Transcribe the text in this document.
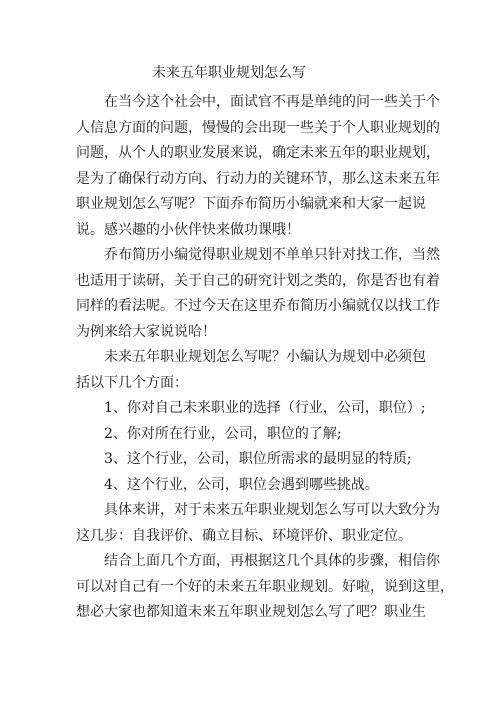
未来五年职业规划怎么写
在当今这个社会中，面试官不再是单纯的问一些关于个
人信息方面的问题，慢慢的会出现一些关于个人职业规划的
问题，从个人的职业发展来说，确定未来五年的职业规划，
是为了确保行动方向、行动力的关键环节，那么这未来五年
职业规划怎么写呢？下面乔布简历小编就来和大家一起说
说。感兴趣的小伙伴快来做功课哦！
乔布简历小编觉得职业规划不单单只针对找工作，当然
也适用于读研，关于自己的研究计划之类的，你是否也有着
同样的看法呢。不过今天在这里乔布简历小编就仅以找工作
为例来给大家说说哈！
未来五年职业规划怎么写呢？小编认为规划中必须包
括以下几个方面：
1、你对自己未来职业的选择（行业，公司，职位）;
2、你对所在行业，公司，职位的了解;
3、这个行业，公司，职位所需求的最明显的特质;
4、这个行业，公司，职位会遇到哪些挑战。
具体来讲，对于未来五年职业规划怎么写可以大致分为
这几步：自我评价、确立目标、环境评价、职业定位。
结合上面几个方面，再根据这几个具体的步骤，相信你
可以对自己有一个好的未来五年职业规划。好啦，说到这里，
想必大家也都知道未来五年职业规划怎么写了吧？职业生
